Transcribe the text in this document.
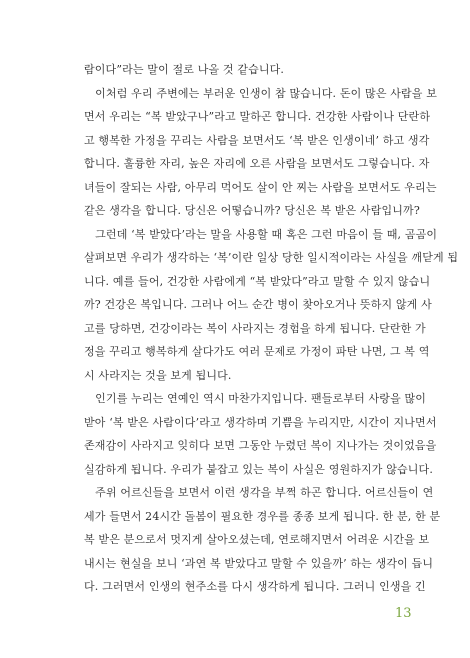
람이다”라는 말이 절로 나올 것 같습니다.
　이처럼 우리 주변에는 부러운 인생이 참 많습니다. 돈이 많은 사람을 보
면서 우리는 “복 받았구나”라고 말하곤 합니다. 건강한 사람이나 단란하
고 행복한 가정을 꾸리는 사람을 보면서도 ‘복 받은 인생이네’ 하고 생각
합니다. 훌륭한 자리, 높은 자리에 오른 사람을 보면서도 그렇습니다. 자
녀들이 잘되는 사람, 아무리 먹어도 살이 안 찌는 사람을 보면서도 우리는
같은 생각을 합니다. 당신은 어떻습니까? 당신은 복 받은 사람입니까?
　그런데 ‘복 받았다’라는 말을 사용할 때 혹은 그런 마음이 들 때, 곰곰이
살펴보면 우리가 생각하는 ‘복’이란 일상 당한 일시적이라는 사실을 깨닫게 됩
니다. 예를 들어, 건강한 사람에게 “복 받았다”라고 말할 수 있지 않습니
까? 건강은 복입니다. 그러나 어느 순간 병이 찾아오거나 뜻하지 않게 사
고를 당하면, 건강이라는 복이 사라지는 경험을 하게 됩니다. 단란한 가
정을 꾸리고 행복하게 살다가도 여러 문제로 가정이 파탄 나면, 그 복 역
시 사라지는 것을 보게 됩니다.
　인기를 누리는 연예인 역시 마찬가지입니다. 팬들로부터 사랑을 많이
받아 ‘복 받은 사람이다’라고 생각하며 기쁨을 누리지만, 시간이 지나면서
존재감이 사라지고 잊히다 보면 그동안 누렸던 복이 지나가는 것이었음을
실감하게 됩니다. 우리가 붙잡고 있는 복이 사실은 영원하지가 않습니다.
　주위 어르신들을 보면서 이런 생각을 부쩍 하곤 합니다. 어르신들이 연
세가 들면서 24시간 돌봄이 필요한 경우를 종종 보게 됩니다. 한 분, 한 분
복 받은 분으로서 멋지게 살아오셨는데, 연로해지면서 어려운 시간을 보
내시는 현실을 보니 ‘과연 복 받았다고 말할 수 있을까’ 하는 생각이 듭니
다. 그러면서 인생의 현주소를 다시 생각하게 됩니다. 그러니 인생을 긴
13
